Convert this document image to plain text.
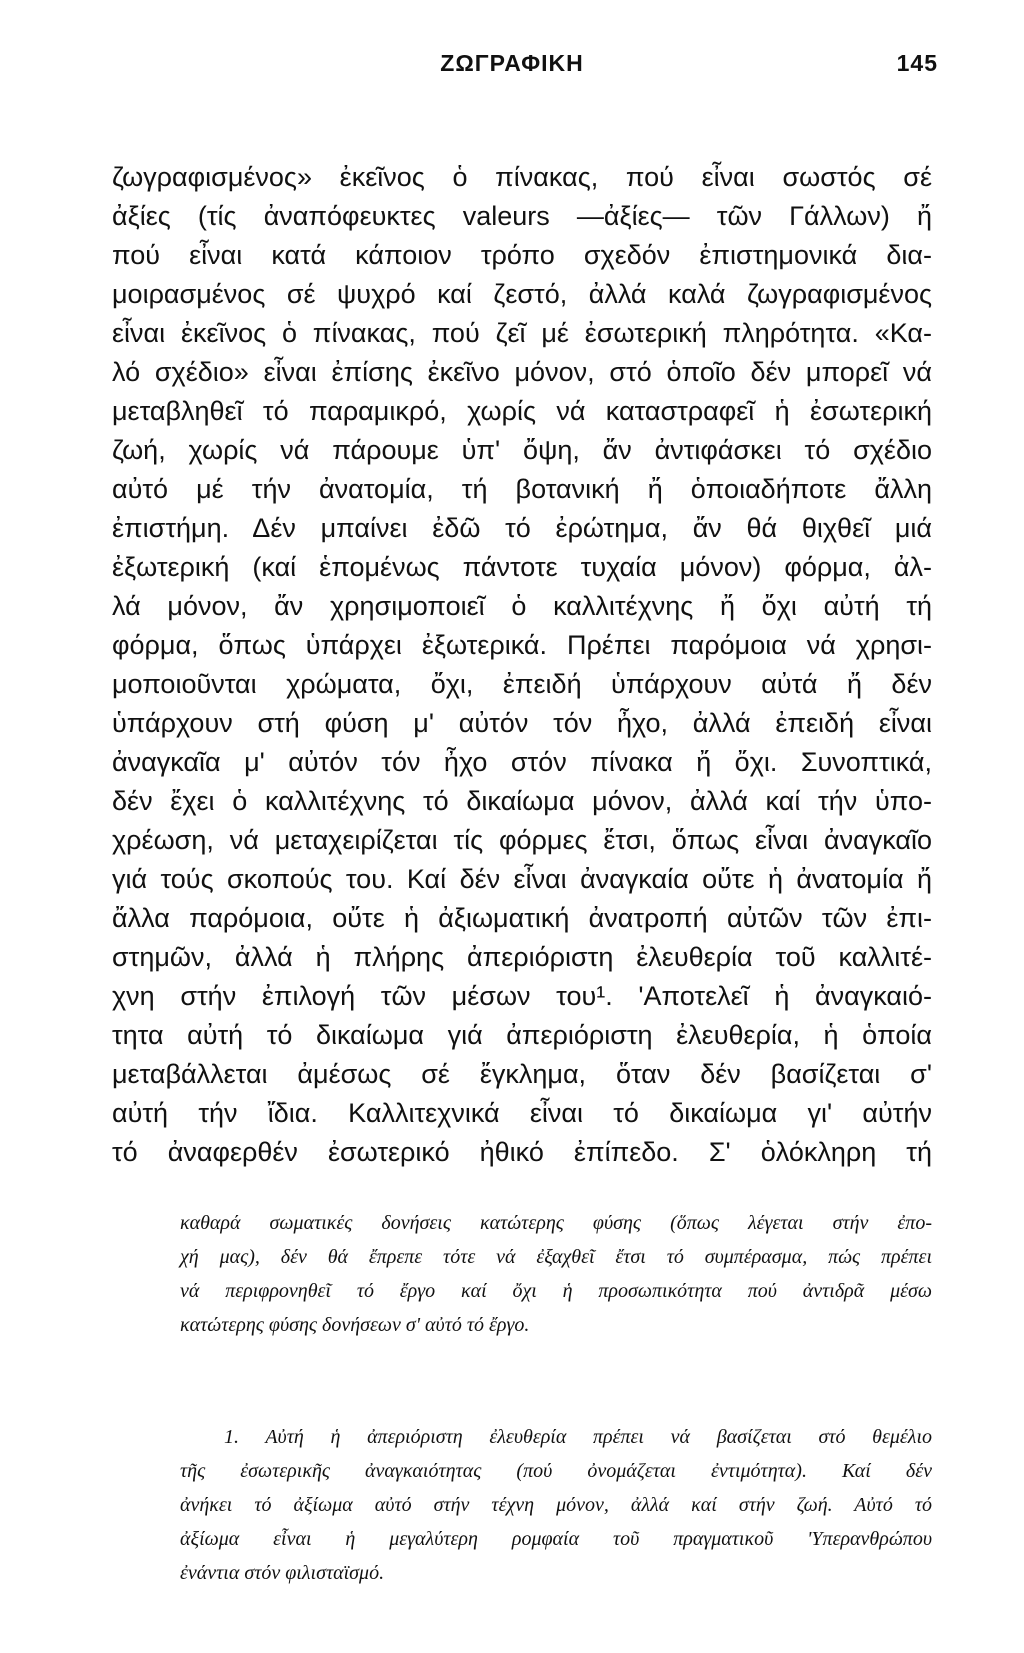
ΖΩΓΡΑΦΙΚΗ	145
ζωγραφισμένος» ἐκεῖνος ὁ πίνακας, πού εἶναι σωστός σέ
ἀξίες (τίς ἀναπόφευκτες valeurs —ἀξίες— τῶν Γάλλων) ἤ
πού εἶναι κατά κάποιον τρόπο σχεδόν ἐπιστημονικά δια-
μοιρασμένος σέ ψυχρό καί ζεστό, ἀλλά καλά ζωγραφισμένος
εἶναι ἐκεῖνος ὁ πίνακας, πού ζεῖ μέ ἐσωτερική πληρότητα. «Κα-
λό σχέδιο» εἶναι ἐπίσης ἐκεῖνο μόνον, στό ὁποῖο δέν μπορεῖ νά
μεταβληθεῖ τό παραμικρό, χωρίς νά καταστραφεῖ ἡ ἐσωτερική
ζωή, χωρίς νά πάρουμε ὑπ' ὄψη, ἄν ἀντιφάσκει τό σχέδιο
αὐτό μέ τήν ἀνατομία, τή βοτανική ἤ ὁποιαδήποτε ἄλλη
ἐπιστήμη. Δέν μπαίνει ἐδῶ τό ἐρώτημα, ἄν θά θιχθεῖ μιά
ἐξωτερική (καί ἑπομένως πάντοτε τυχαία μόνον) φόρμα, ἀλ-
λά μόνον, ἄν χρησιμοποιεῖ ὁ καλλιτέχνης ἤ ὄχι αὐτή τή
φόρμα, ὅπως ὑπάρχει ἐξωτερικά. Πρέπει παρόμοια νά χρησι-
μοποιοῦνται χρώματα, ὄχι, ἐπειδή ὑπάρχουν αὐτά ἤ δέν
ὑπάρχουν στή φύση μ' αὐτόν τόν ἦχο, ἀλλά ἐπειδή εἶναι
ἀναγκαῖα μ' αὐτόν τόν ἦχο στόν πίνακα ἤ ὄχι. Συνοπτικά,
δέν ἔχει ὁ καλλιτέχνης τό δικαίωμα μόνον, ἀλλά καί τήν ὑπο-
χρέωση, νά μεταχειρίζεται τίς φόρμες ἔτσι, ὅπως εἶναι ἀναγκαῖο
γιά τούς σκοπούς του. Καί δέν εἶναι ἀναγκαία οὔτε ἡ ἀνατομία ἤ
ἄλλα παρόμοια, οὔτε ἡ ἀξιωματική ἀνατροπή αὐτῶν τῶν ἐπι-
στημῶν, ἀλλά ἡ πλήρης ἀπεριόριστη ἐλευθερία τοῦ καλλιτέ-
χνη στήν ἐπιλογή τῶν μέσων του¹. 'Αποτελεῖ ἡ ἀναγκαιό-
τητα αὐτή τό δικαίωμα γιά ἀπεριόριστη ἐλευθερία, ἡ ὁποία
μεταβάλλεται ἀμέσως σέ ἔγκλημα, ὅταν δέν βασίζεται σ'
αὐτή τήν ἴδια. Καλλιτεχνικά εἶναι τό δικαίωμα γι' αὐτήν
τό ἀναφερθέν ἐσωτερικό ἠθικό ἐπίπεδο. Σ' ὁλόκληρη τή
καθαρά σωματικές δονήσεις κατώτερης φύσης (ὅπως λέγεται στήν ἐπο-
χή μας), δέν θά ἔπρεπε τότε νά ἐξαχθεῖ ἔτσι τό συμπέρασμα, πώς πρέπει
νά περιφρονηθεῖ τό ἔργο καί ὄχι ἡ προσωπικότητα πού ἀντιδρᾶ μέσω
κατώτερης φύσης δονήσεων σ' αὐτό τό ἔργο.
1. Αὐτή ἡ ἀπεριόριστη ἐλευθερία πρέπει νά βασίζεται στό θεμέλιο
τῆς ἐσωτερικῆς ἀναγκαιότητας (πού ὀνομάζεται ἐντιμότητα). Καί δέν
ἀνήκει τό ἀξίωμα αὐτό στήν τέχνη μόνον, ἀλλά καί στήν ζωή. Αὐτό τό
ἀξίωμα εἶναι ἡ μεγαλύτερη ρομφαία τοῦ πραγματικοῦ 'Υπερανθρώπου
ἐνάντια στόν φιλισταϊσμό.
